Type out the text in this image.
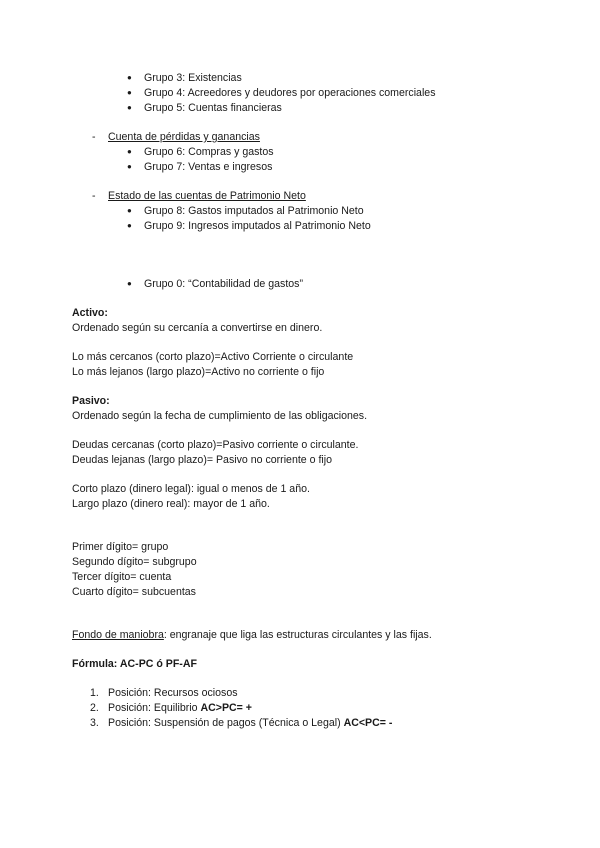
● Grupo 3: Existencias
● Grupo 4: Acreedores y deudores por operaciones comerciales
● Grupo 5: Cuentas financieras
- Cuenta de pérdidas y ganancias
● Grupo 6: Compras y gastos
● Grupo 7: Ventas e ingresos
- Estado de las cuentas de Patrimonio Neto
● Grupo 8: Gastos imputados al Patrimonio Neto
● Grupo 9: Ingresos imputados al Patrimonio Neto
● Grupo 0: “Contabilidad de gastos”
Activo:
Ordenado según su cercanía a convertirse en dinero.
Lo más cercanos (corto plazo)=Activo Corriente o circulante
Lo más lejanos (largo plazo)=Activo no corriente o fijo
Pasivo:
Ordenado según la fecha de cumplimiento de las obligaciones.
Deudas cercanas (corto plazo)=Pasivo corriente o circulante.
Deudas lejanas (largo plazo)= Pasivo no corriente o fijo
Corto plazo (dinero legal): igual o menos de 1 año.
Largo plazo (dinero real): mayor de 1 año.
Primer dígito= grupo
Segundo dígito= subgrupo
Tercer dígito= cuenta
Cuarto dígito= subcuentas
Fondo de maniobra: engranaje que liga las estructuras circulantes y las fijas.
Fórmula: AC-PC ó PF-AF
1. Posición: Recursos ociosos
2. Posición: Equilibrio AC>PC= +
3. Posición: Suspensión de pagos (Técnica o Legal) AC<PC= -
